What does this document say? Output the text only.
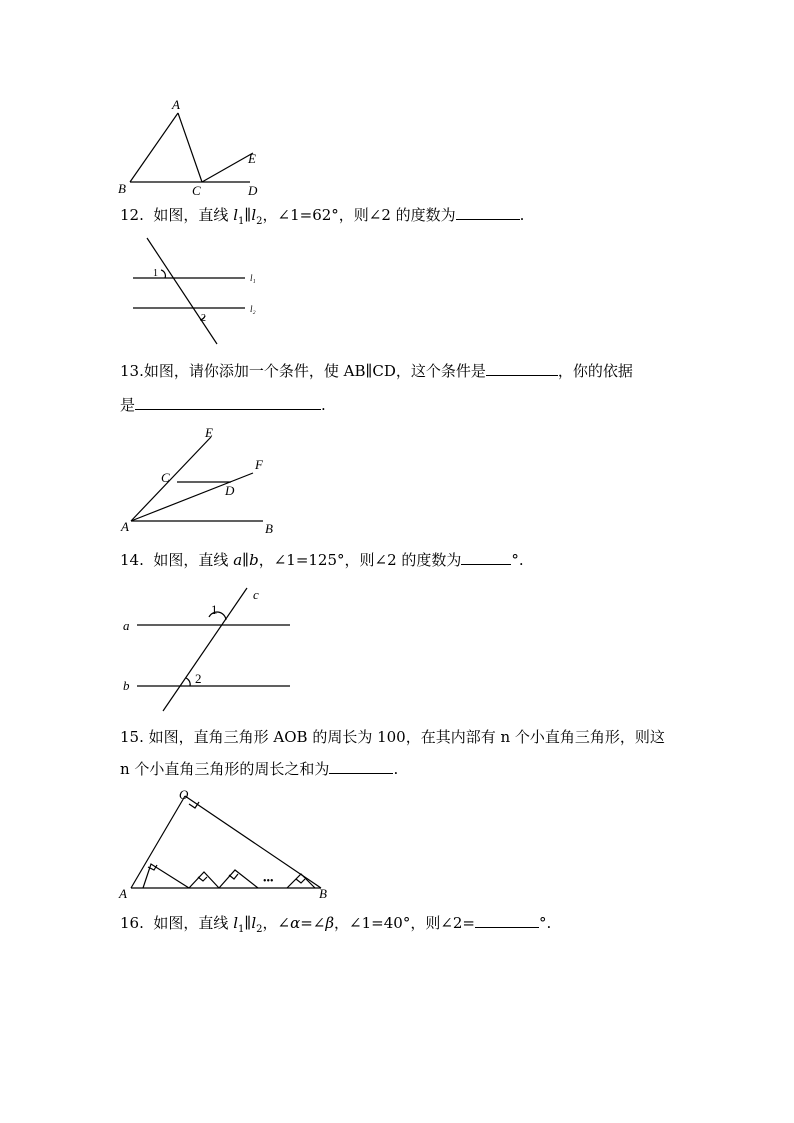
A
B	C	D
E
12. 如图，直线 $l_1\parallel l_2$，∠1=62°，则∠2 的度数为	.
1
2
l₁
l₂
13.如图，请你添加一个条件，使 AB∥CD，这个条件是	，你的依据
是	.
A	B
C
D
E
F
14. 如图，直线 a∥b，∠1=125°，则∠2 的度数为	°.
1
2
a
b
c
15. 如图，直角三角形 AOB 的周长为 100，在其内部有 n 个小直角三角形，则这
n 个小直角三角形的周长之和为	.
O
A	B
•••
16. 如图，直线 $l_1\parallel l_2$，∠α=∠β，∠1=40°，则∠2=	°.
